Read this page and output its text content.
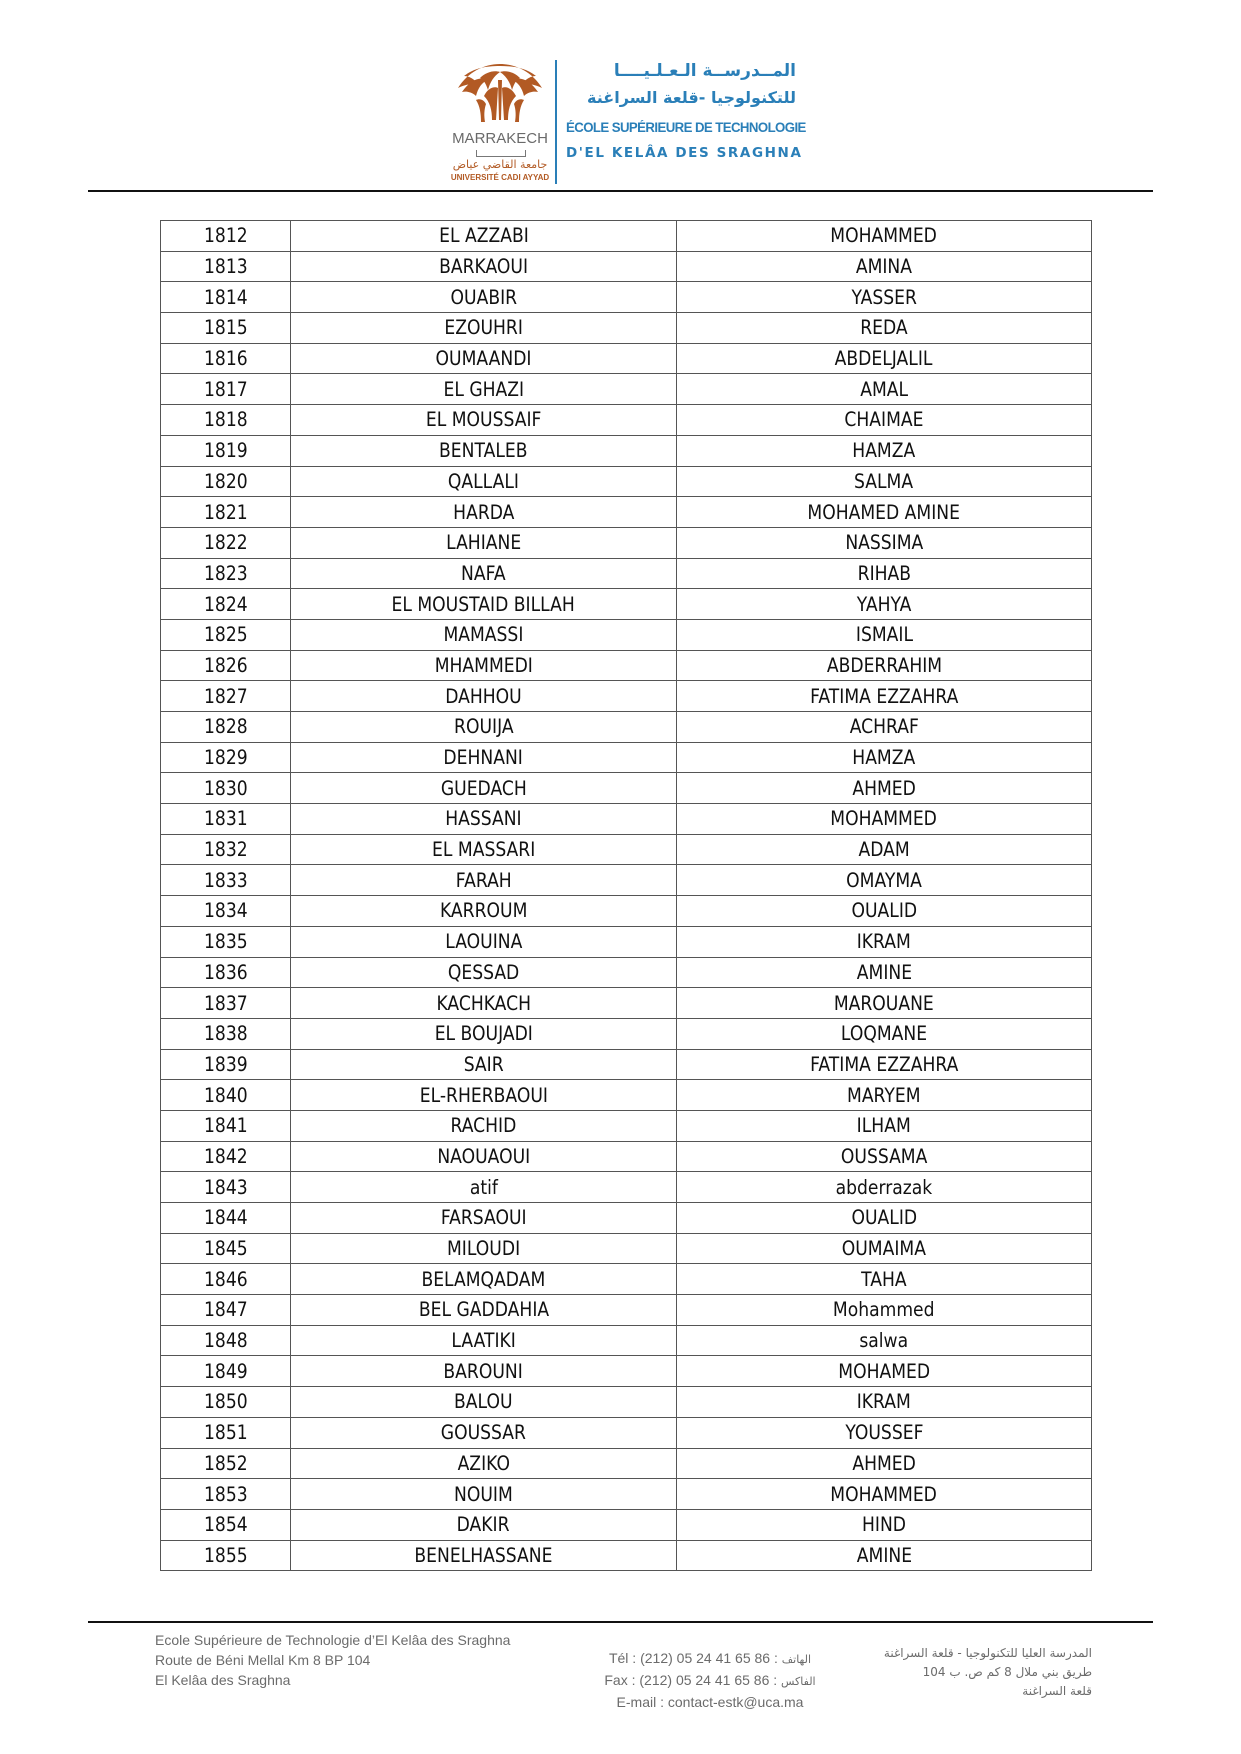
MARRAKECH
جامعة القاضي عياض
UNIVERSITÉ CADI AYYAD
المــدرســة الـعـلـيــــا
للتكنولوجيا -قلعة السراغنة
ÉCOLE SUPÉRIEURE DE TECHNOLOGIE
D'EL KELÂA DES SRAGHNA
1812	EL AZZABI	MOHAMMED
1813	BARKAOUI	AMINA
1814	OUABIR	YASSER
1815	EZOUHRI	REDA
1816	OUMAANDI	ABDELJALIL
1817	EL GHAZI	AMAL
1818	EL MOUSSAIF	CHAIMAE
1819	BENTALEB	HAMZA
1820	QALLALI	SALMA
1821	HARDA	MOHAMED AMINE
1822	LAHIANE	NASSIMA
1823	NAFA	RIHAB
1824	EL MOUSTAID BILLAH	YAHYA
1825	MAMASSI	ISMAIL
1826	MHAMMEDI	ABDERRAHIM
1827	DAHHOU	FATIMA EZZAHRA
1828	ROUIJA	ACHRAF
1829	DEHNANI	HAMZA
1830	GUEDACH	AHMED
1831	HASSANI	MOHAMMED
1832	EL MASSARI	ADAM
1833	FARAH	OMAYMA
1834	KARROUM	OUALID
1835	LAOUINA	IKRAM
1836	QESSAD	AMINE
1837	KACHKACH	MAROUANE
1838	EL BOUJADI	LOQMANE
1839	SAIR	FATIMA EZZAHRA
1840	EL-RHERBAOUI	MARYEM
1841	RACHID	ILHAM
1842	NAOUAOUI	OUSSAMA
1843	atif	abderrazak
1844	FARSAOUI	OUALID
1845	MILOUDI	OUMAIMA
1846	BELAMQADAM	TAHA
1847	BEL GADDAHIA	Mohammed
1848	LAATIKI	salwa
1849	BAROUNI	MOHAMED
1850	BALOU	IKRAM
1851	GOUSSAR	YOUSSEF
1852	AZIKO	AHMED
1853	NOUIM	MOHAMMED
1854	DAKIR	HIND
1855	BENELHASSANE	AMINE
Ecole Supérieure de Technologie d’El Kelâa des Sraghna
Route de Béni Mellal Km 8 BP 104
El Kelâa des Sraghna
Tél : (212) 05 24 41 65 86 : الهاتف
Fax : (212) 05 24 41 65 86 : الفاكس
E-mail : contact-estk@uca.ma
المدرسة العليا للتكنولوجيا - قلعة السراغنة
طريق بني ملال 8 كم ص. ب 104
قلعة السراغنة
